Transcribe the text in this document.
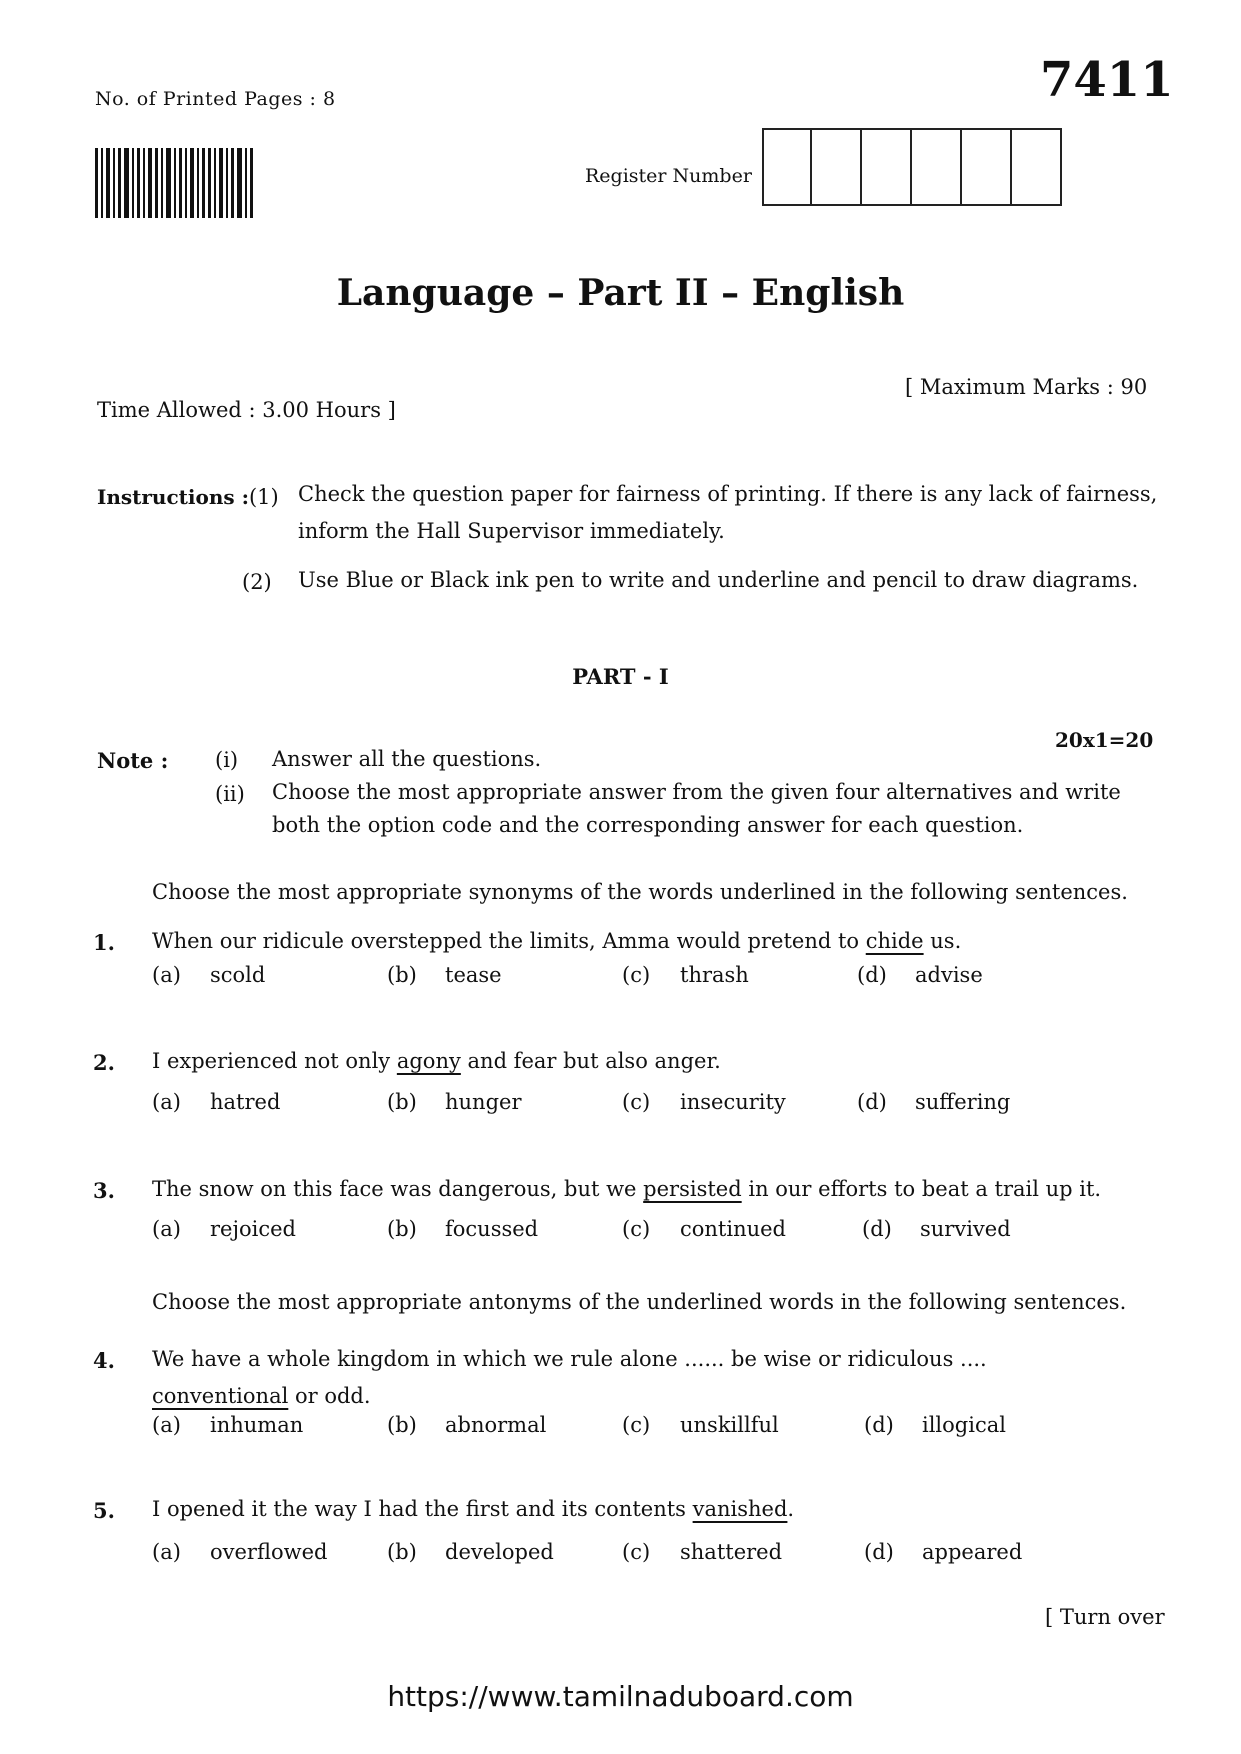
No. of Printed Pages : 8	7411
Register Number
Language – Part II – English
[ Maximum Marks : 90
Time Allowed : 3.00 Hours ]
Instructions :(1) Check the question paper for fairness of printing. If there is any lack of fairness, inform the Hall Supervisor immediately.
(2) Use Blue or Black ink pen to write and underline and pencil to draw diagrams.
PART - I
20x1=20
Note : (i) Answer all the questions.
(ii) Choose the most appropriate answer from the given four alternatives and write both the option code and the corresponding answer for each question.
Choose the most appropriate synonyms of the words underlined in the following sentences.
1. When our ridicule overstepped the limits, Amma would pretend to chide us.
(a) scold	(b) tease	(c) thrash	(d) advise
2. I experienced not only agony and fear but also anger.
(a) hatred	(b) hunger	(c) insecurity	(d) suffering
3. The snow on this face was dangerous, but we persisted in our efforts to beat a trail up it.
(a) rejoiced	(b) focussed	(c) continued	(d) survived
Choose the most appropriate antonyms of the underlined words in the following sentences.
4. We have a whole kingdom in which we rule alone ...... be wise or ridiculous .... conventional or odd.
(a) inhuman	(b) abnormal	(c) unskillful	(d) illogical
5. I opened it the way I had the first and its contents vanished.
(a) overflowed	(b) developed	(c) shattered	(d) appeared
[ Turn over
https://www.tamilnaduboard.com
